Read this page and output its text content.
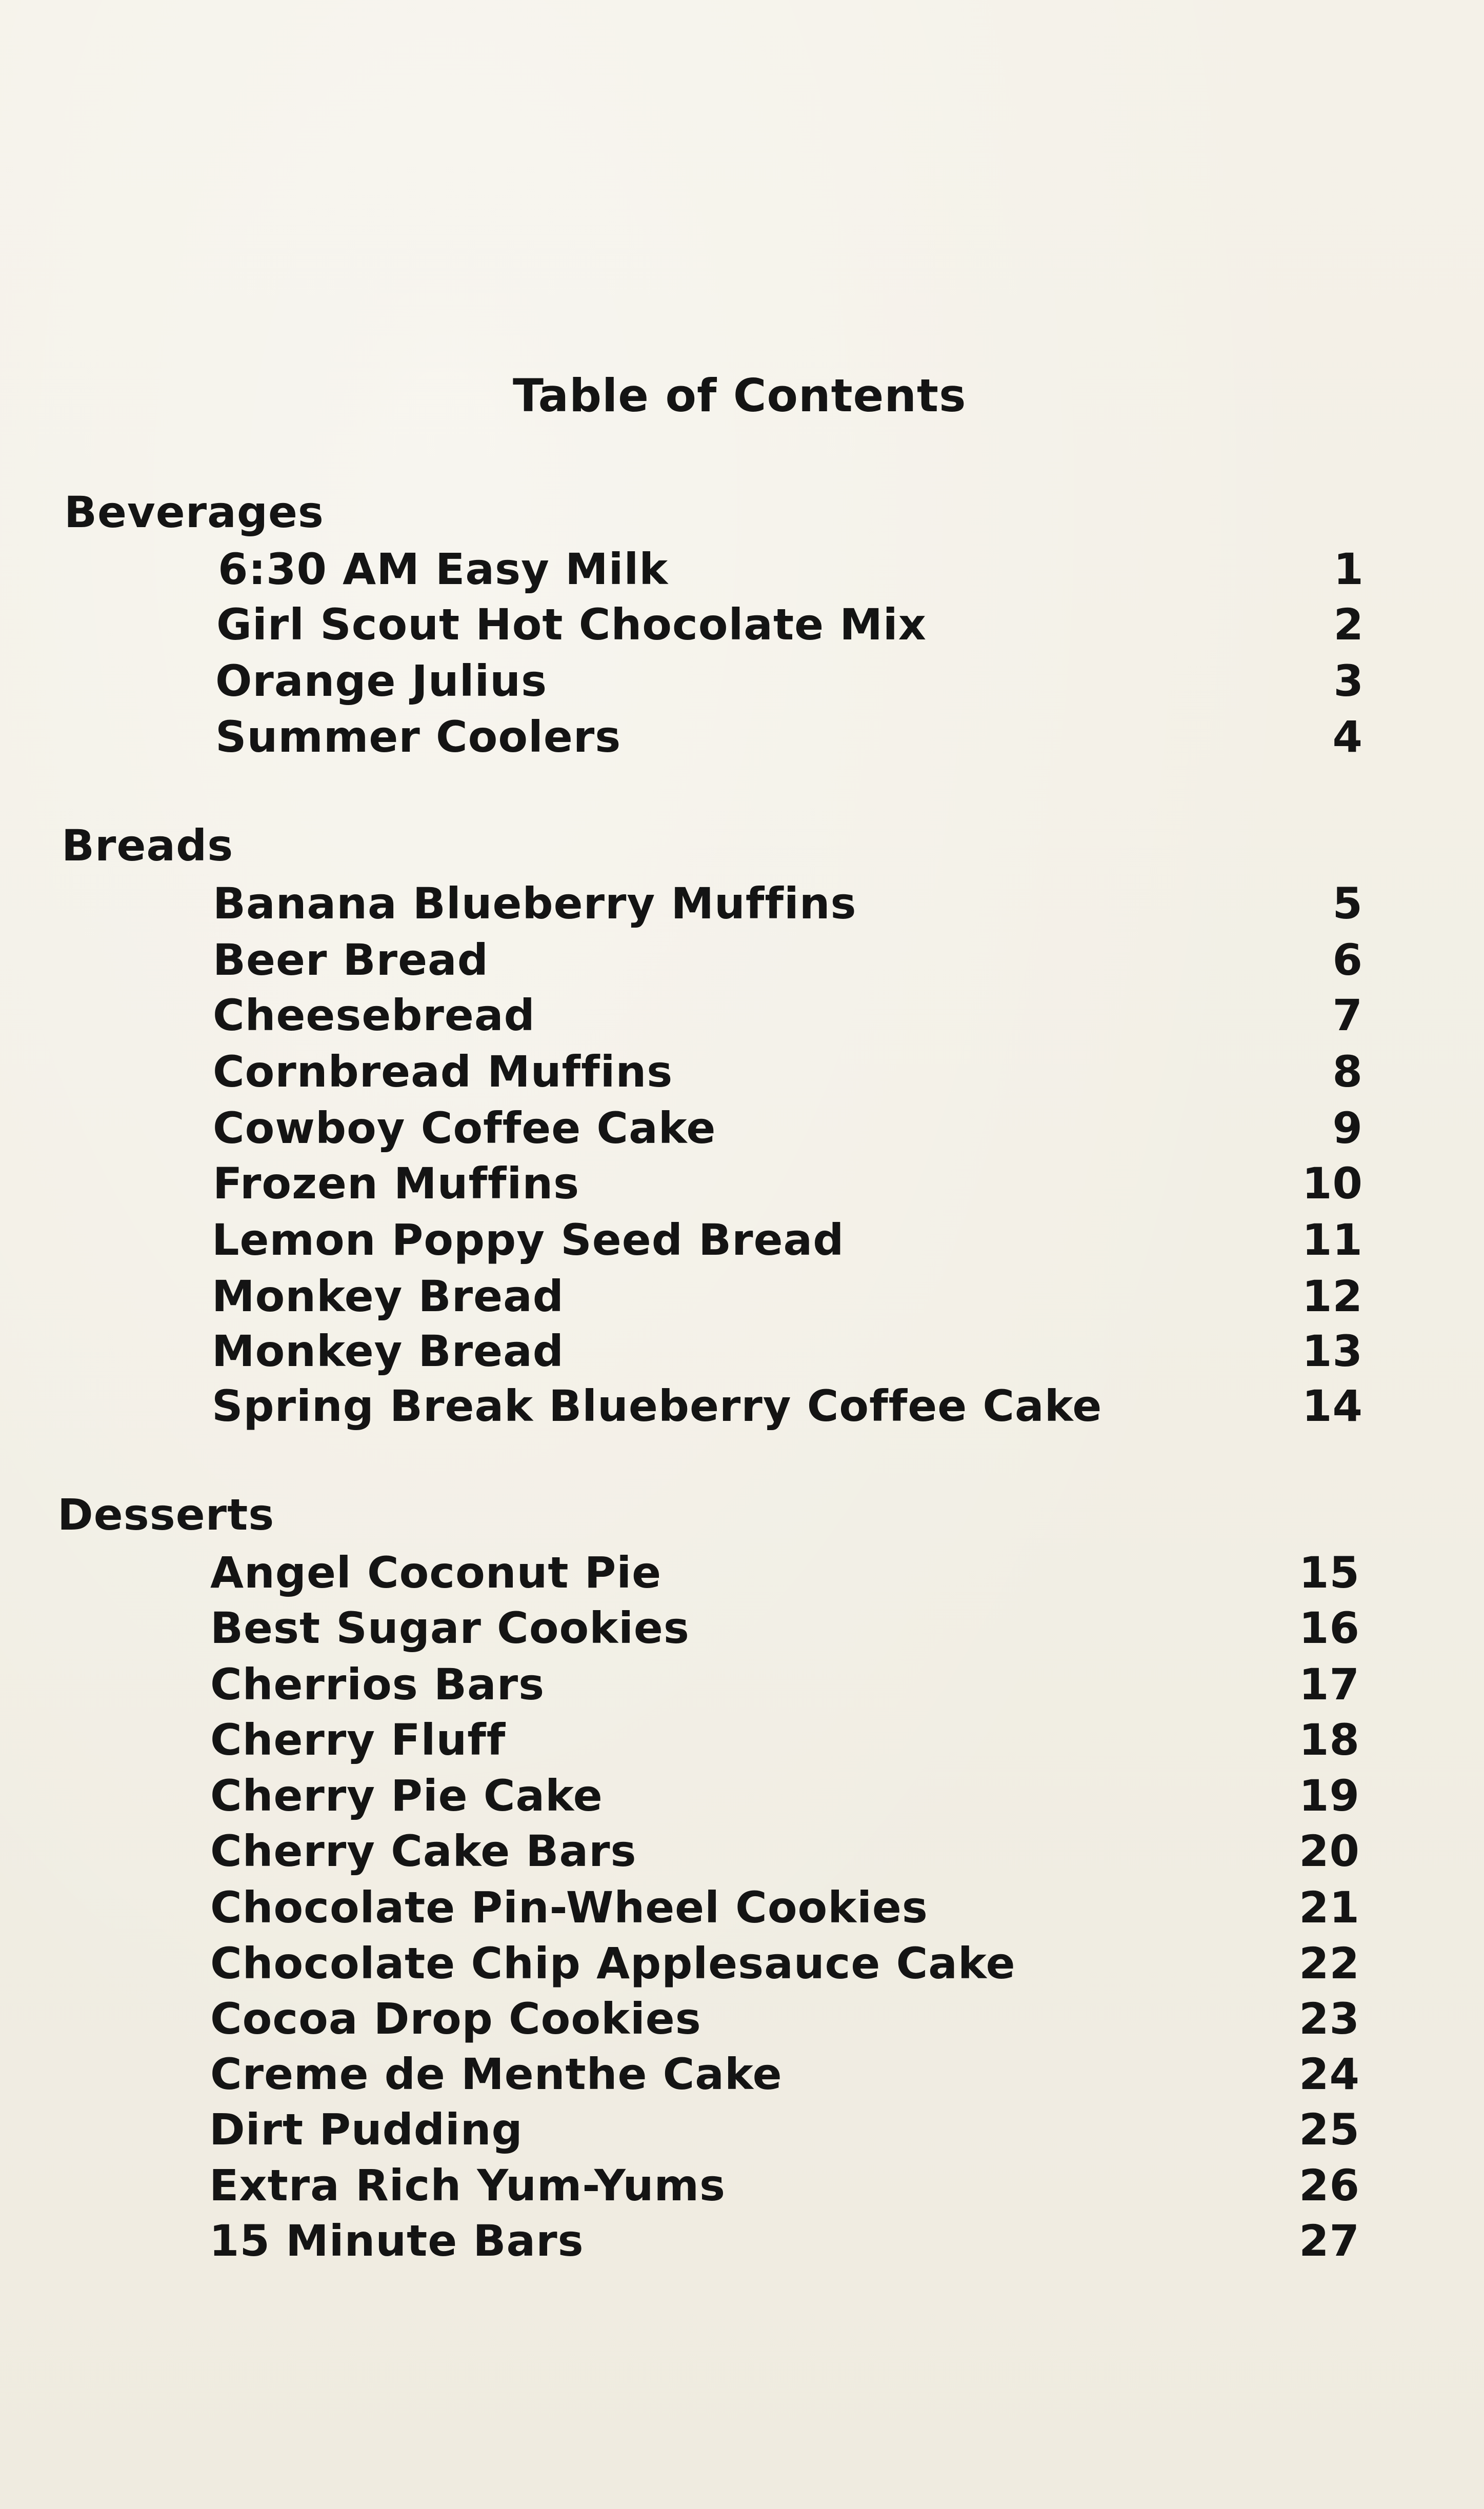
Table of Contents
Beverages
6:30 AM Easy Milk	1
Girl Scout Hot Chocolate Mix	2
Orange Julius	3
Summer Coolers	4
Breads
Banana Blueberry Muffins	5
Beer Bread	6
Cheesebread	7
Cornbread Muffins	8
Cowboy Coffee Cake	9
Frozen Muffins	10
Lemon Poppy Seed Bread	11
Monkey Bread	12
Monkey Bread	13
Spring Break Blueberry Coffee Cake	14
Desserts
Angel Coconut Pie	15
Best Sugar Cookies	16
Cherrios Bars	17
Cherry Fluff	18
Cherry Pie Cake	19
Cherry Cake Bars	20
Chocolate Pin-Wheel Cookies	21
Chocolate Chip Applesauce Cake	22
Cocoa Drop Cookies	23
Creme de Menthe Cake	24
Dirt Pudding	25
Extra Rich Yum-Yums	26
15 Minute Bars	27
